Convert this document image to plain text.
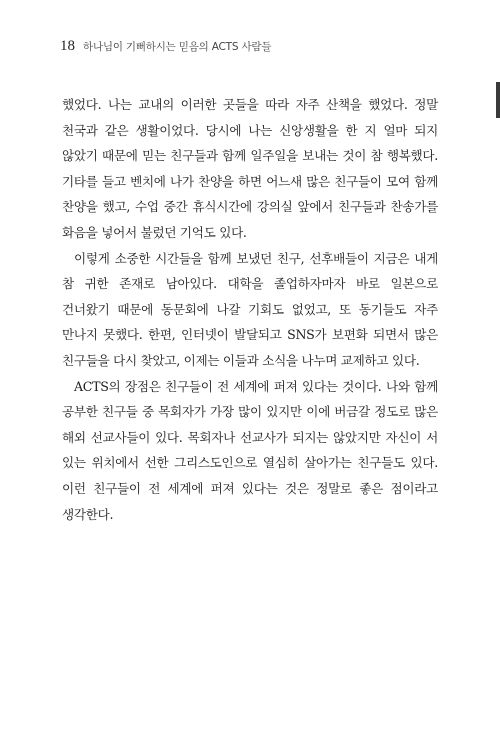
18 하나님이 기뻐하시는 믿음의 ACTS 사람들

했었다. 나는 교내의 이러한 곳들을 따라 자주 산책을 했었다. 정말 천국과 같은 생활이었다. 당시에 나는 신앙생활을 한 지 얼마 되지 않았기 때문에 믿는 친구들과 함께 일주일을 보내는 것이 참 행복했다. 기타를 들고 벤치에 나가 찬양을 하면 어느새 많은 친구들이 모여 함께 찬양을 했고, 수업 중간 휴식시간에 강의실 앞에서 친구들과 찬송가를 화음을 넣어서 불렀던 기억도 있다.

이렇게 소중한 시간들을 함께 보냈던 친구, 선후배들이 지금은 내게 참 귀한 존재로 남아있다. 대학을 졸업하자마자 바로 일본으로 건너왔기 때문에 동문회에 나갈 기회도 없었고, 또 동기들도 자주 만나지 못했다. 한편, 인터넷이 발달되고 SNS가 보편화 되면서 많은 친구들을 다시 찾았고, 이제는 이들과 소식을 나누며 교제하고 있다.

ACTS의 장점은 친구들이 전 세계에 퍼져 있다는 것이다. 나와 함께 공부한 친구들 중 목회자가 가장 많이 있지만 이에 버금갈 정도로 많은 해외 선교사들이 있다. 목회자나 선교사가 되지는 않았지만 자신이 서 있는 위치에서 선한 그리스도인으로 열심히 살아가는 친구들도 있다. 이런 친구들이 전 세계에 퍼져 있다는 것은 정말로 좋은 점이라고 생각한다.
